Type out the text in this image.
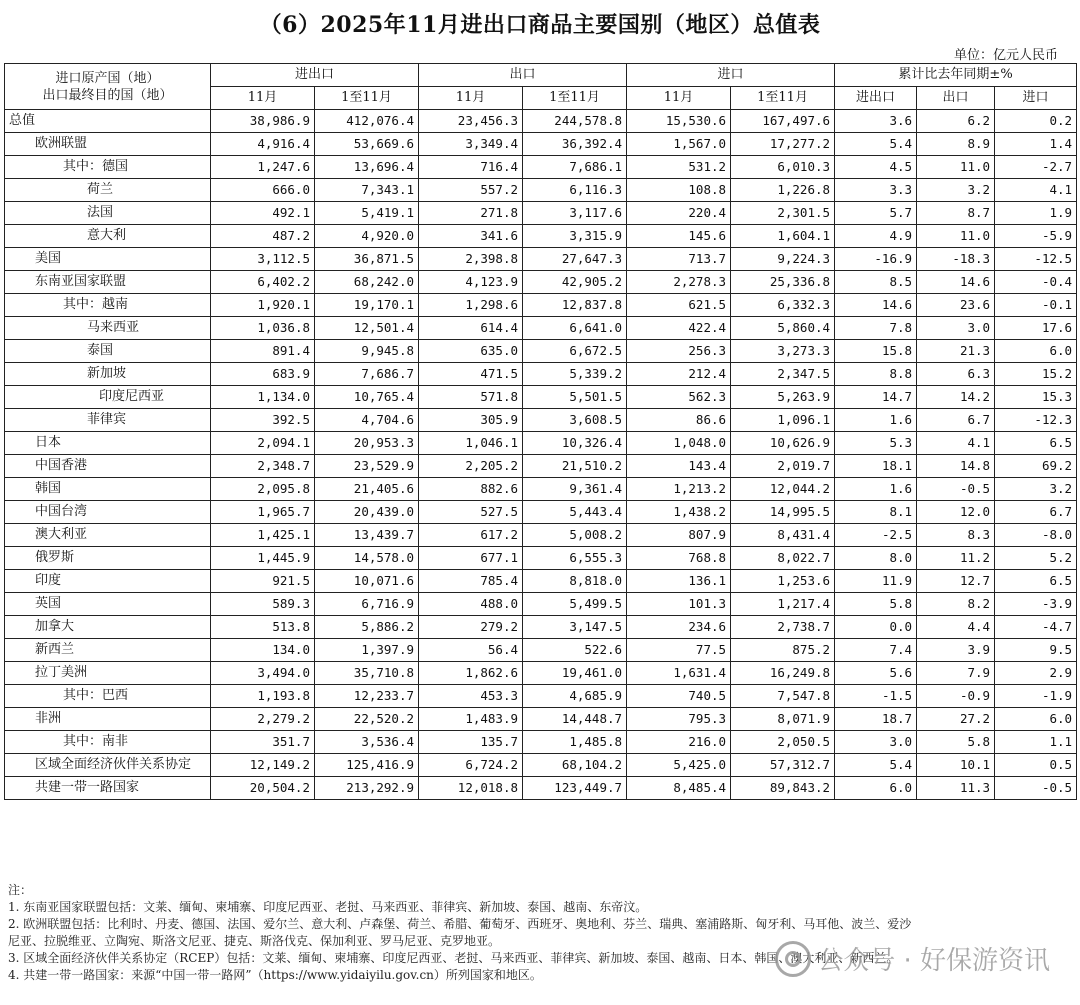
（6）2025年11月进出口商品主要国别（地区）总值表
单位：亿元人民币
进口原产国（地）
出口最终目的国（地）	进出口		出口		进口		累计比去年同期±%		
	11月	1至11月	11月	1至11月	11月	1至11月	进出口	出口	进口
总值	38,986.9	412,076.4	23,456.3	244,578.8	15,530.6	167,497.6	3.6	6.2	0.2
欧洲联盟	4,916.4	53,669.6	3,349.4	36,392.4	1,567.0	17,277.2	5.4	8.9	1.4
其中：德国	1,247.6	13,696.4	716.4	7,686.1	531.2	6,010.3	4.5	11.0	-2.7
荷兰	666.0	7,343.1	557.2	6,116.3	108.8	1,226.8	3.3	3.2	4.1
法国	492.1	5,419.1	271.8	3,117.6	220.4	2,301.5	5.7	8.7	1.9
意大利	487.2	4,920.0	341.6	3,315.9	145.6	1,604.1	4.9	11.0	-5.9
美国	3,112.5	36,871.5	2,398.8	27,647.3	713.7	9,224.3	-16.9	-18.3	-12.5
东南亚国家联盟	6,402.2	68,242.0	4,123.9	42,905.2	2,278.3	25,336.8	8.5	14.6	-0.4
其中：越南	1,920.1	19,170.1	1,298.6	12,837.8	621.5	6,332.3	14.6	23.6	-0.1
马来西亚	1,036.8	12,501.4	614.4	6,641.0	422.4	5,860.4	7.8	3.0	17.6
泰国	891.4	9,945.8	635.0	6,672.5	256.3	3,273.3	15.8	21.3	6.0
新加坡	683.9	7,686.7	471.5	5,339.2	212.4	2,347.5	8.8	6.3	15.2
印度尼西亚	1,134.0	10,765.4	571.8	5,501.5	562.3	5,263.9	14.7	14.2	15.3
菲律宾	392.5	4,704.6	305.9	3,608.5	86.6	1,096.1	1.6	6.7	-12.3
日本	2,094.1	20,953.3	1,046.1	10,326.4	1,048.0	10,626.9	5.3	4.1	6.5
中国香港	2,348.7	23,529.9	2,205.2	21,510.2	143.4	2,019.7	18.1	14.8	69.2
韩国	2,095.8	21,405.6	882.6	9,361.4	1,213.2	12,044.2	1.6	-0.5	3.2
中国台湾	1,965.7	20,439.0	527.5	5,443.4	1,438.2	14,995.5	8.1	12.0	6.7
澳大利亚	1,425.1	13,439.7	617.2	5,008.2	807.9	8,431.4	-2.5	8.3	-8.0
俄罗斯	1,445.9	14,578.0	677.1	6,555.3	768.8	8,022.7	8.0	11.2	5.2
印度	921.5	10,071.6	785.4	8,818.0	136.1	1,253.6	11.9	12.7	6.5
英国	589.3	6,716.9	488.0	5,499.5	101.3	1,217.4	5.8	8.2	-3.9
加拿大	513.8	5,886.2	279.2	3,147.5	234.6	2,738.7	0.0	4.4	-4.7
新西兰	134.0	1,397.9	56.4	522.6	77.5	875.2	7.4	3.9	9.5
拉丁美洲	3,494.0	35,710.8	1,862.6	19,461.0	1,631.4	16,249.8	5.6	7.9	2.9
其中：巴西	1,193.8	12,233.7	453.3	4,685.9	740.5	7,547.8	-1.5	-0.9	-1.9
非洲	2,279.2	22,520.2	1,483.9	14,448.7	795.3	8,071.9	18.7	27.2	6.0
其中：南非	351.7	3,536.4	135.7	1,485.8	216.0	2,050.5	3.0	5.8	1.1
区域全面经济伙伴关系协定	12,149.2	125,416.9	6,724.2	68,104.2	5,425.0	57,312.7	5.4	10.1	0.5
共建一带一路国家	20,504.2	213,292.9	12,018.8	123,449.7	8,485.4	89,843.2	6.0	11.3	-0.5
注：
1. 东南亚国家联盟包括：文莱、缅甸、柬埔寨、印度尼西亚、老挝、马来西亚、菲律宾、新加坡、泰国、越南、东帝汶。
2. 欧洲联盟包括：比利时、丹麦、德国、法国、爱尔兰、意大利、卢森堡、荷兰、希腊、葡萄牙、西班牙、奥地利、芬兰、瑞典、塞浦路斯、匈牙利、马耳他、波兰、爱沙
尼亚、拉脱维亚、立陶宛、斯洛文尼亚、捷克、斯洛伐克、保加利亚、罗马尼亚、克罗地亚。
3. 区域全面经济伙伴关系协定（RCEP）包括：文莱、缅甸、柬埔寨、印度尼西亚、老挝、马来西亚、菲律宾、新加坡、泰国、越南、日本、韩国、澳大利亚、新西兰。
4. 共建一带一路国家：来源“中国一带一路网”（https://www.yidaiyilu.gov.cn）所列国家和地区。	公众号 · 好保游资讯
